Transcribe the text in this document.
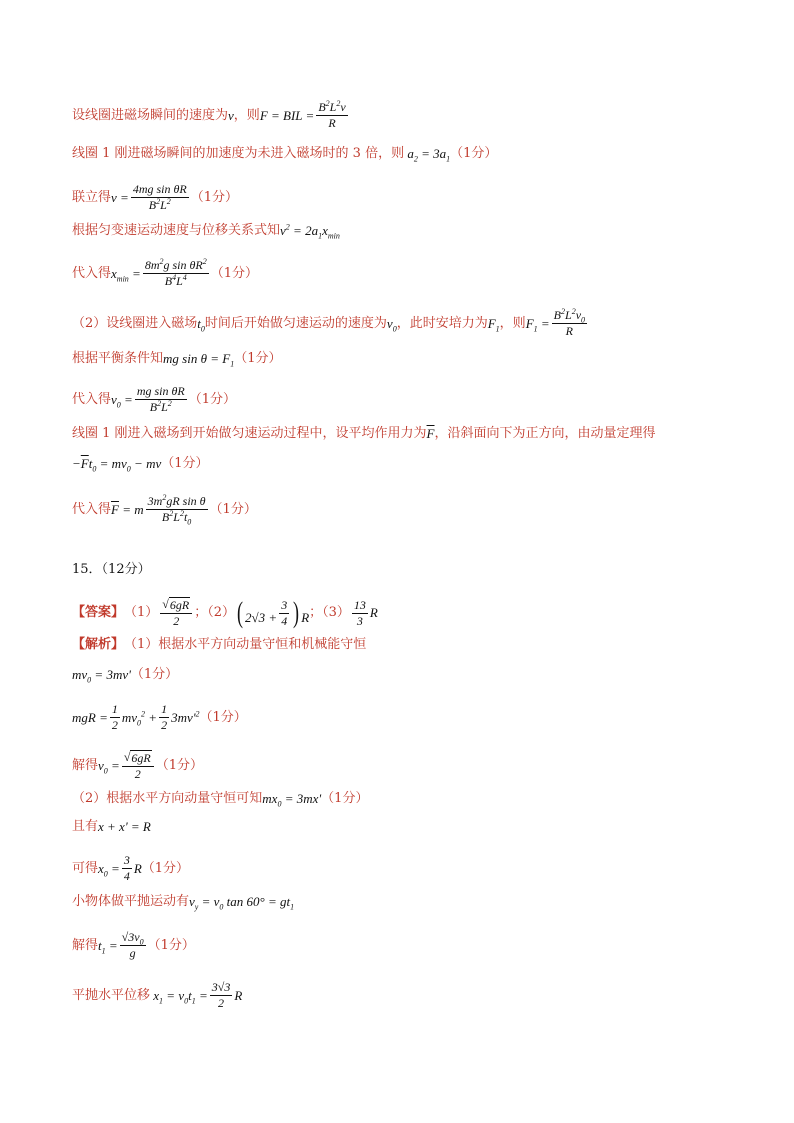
设线圈进磁场瞬间的速度为 v ，则 F = BIL = $\frac{B^2L^2v}{R}$
线圈 1 刚进磁场瞬间的加速度为未进入磁场时的 3 倍，则 $a_2 = 3a_1$ （1分）
联立得 $v = \frac{\text{4mg sin θR}}{B^2L^2} (1$分）
根据匀变速运动速度与位移关系式知 $v^2 = 2a_1x_{min}$
代入得 $x_{min} = \frac{8m^2g \sin \theta R^2}{B^4L^4} (1$分）
（2）设线圈进入磁场 $t_0$ 时间后开始做匀速运动的速度为 $v_0$ ，此时安培力为 $F_1$ ，则 $F_1 = \frac{B^2L^2v_0}{R}$
根据平衡条件知 mg $\sin \theta = F_1$ （1分）
代入得 $v_0 = \frac{\text{mg sin θR}}{B^2L^2} (1$分）
线圈 1 刚进入磁场到开始做匀速运动过程中，设平均作用力为 $\overline{F}$ ，沿斜面向下为正方向，由动量定理得
$-\overline{F}t_0 = mv_0$ − mv （1分）
代入得 $\overline{F} = m \frac{3m^2gR \sin \theta}{B^2L^2t_0} (1$分）
15．（12分）
【答案】 $(1) \frac{√ 6gR}{2}$ ；（2） ( $2√3 + \frac{3}{4}$ ) R ；$(3) \frac{13}{3}$ R
【解析】 （1）根据水平方向动量守恒和机械能守恒
$mv_0 = 3mv'$ （1分）
mgR = $\frac{1}{2} mv_0^2 + \frac{1}{2} 3mv'^2$ （1分）
解得 $v_0 = \frac{√ 6gR}{2} (1$分）
（2）根据水平方向动量守恒可知 $mx_0 = 3mx'$ （1分）
且有 x + x' = R
可得 $x_0 = \frac{3}{4}$ R （1分）
小物体做平抛运动有 $v_y = v_0$ $\tan 60^\circ = gt_1$
解得 $t_1 = \frac{√3v_0}{g} (1$分）
平抛水平位移 $x_1 = v_0t_1 = \frac{3√3}{2}$ R
